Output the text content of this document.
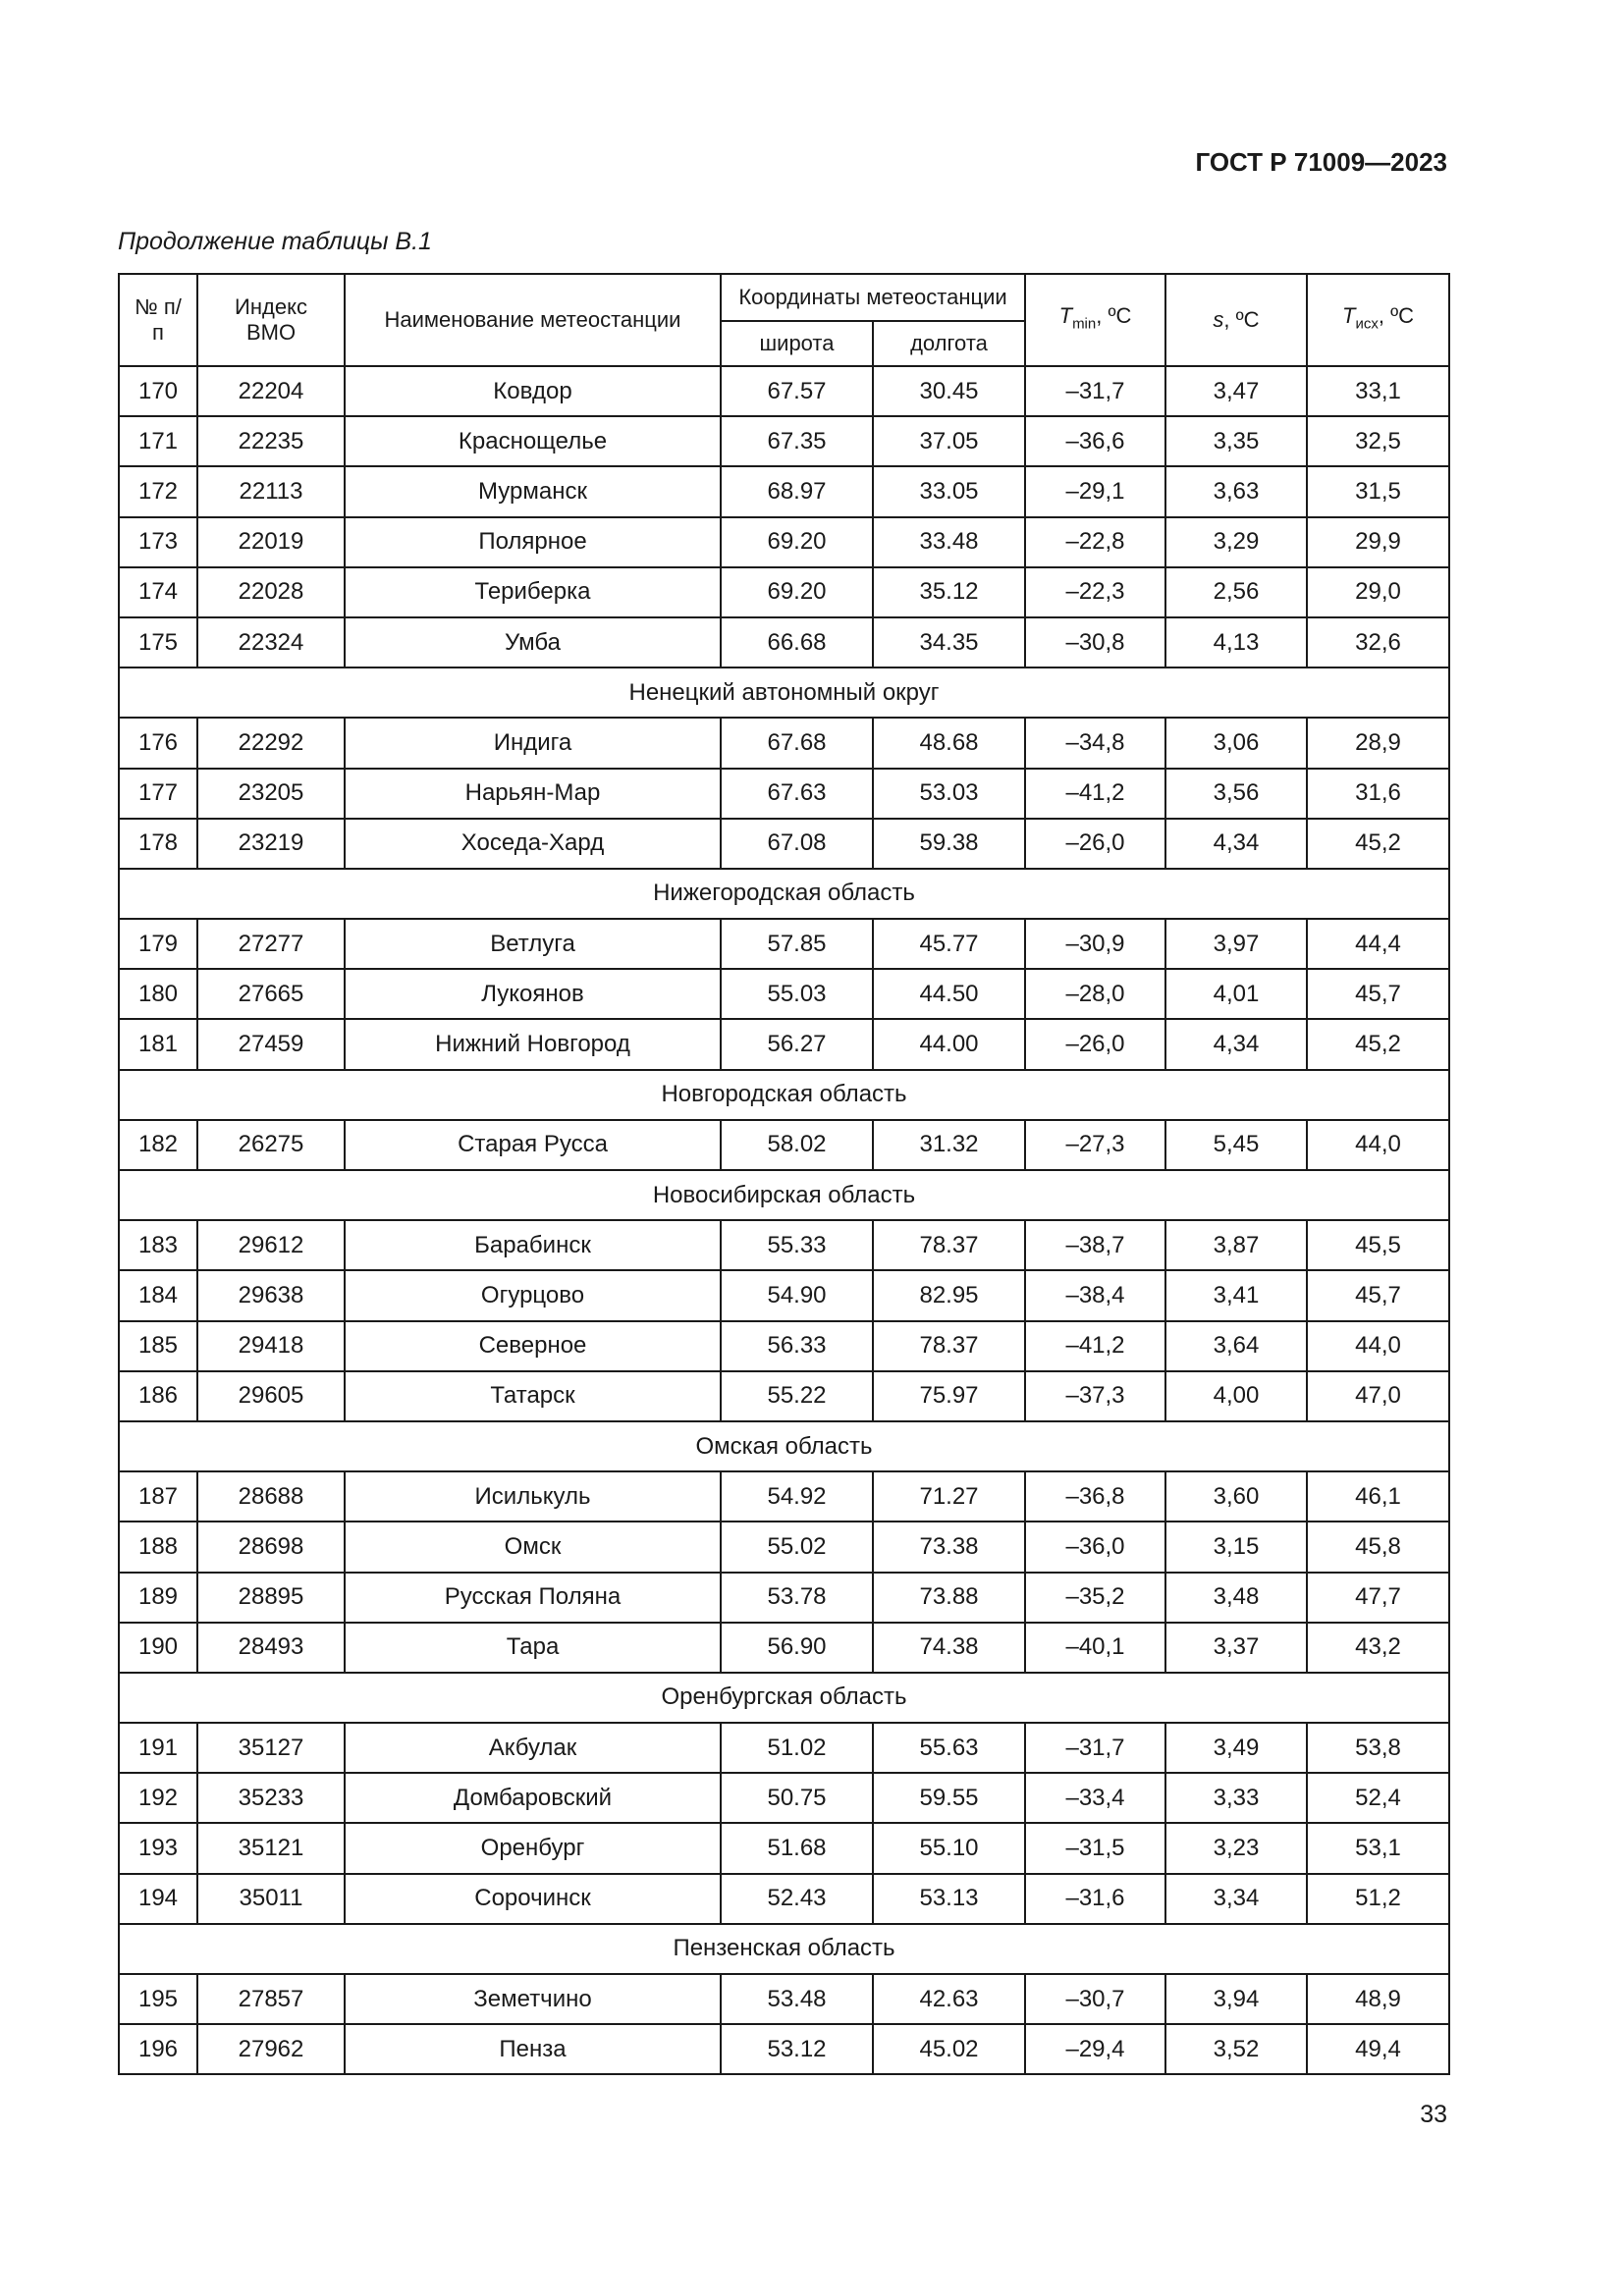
ГОСТ Р 71009—2023
Продолжение таблицы В.1
№ п/п	Индекс ВМО	Наименование метеостанции	Координаты метеостанции		$T_{min}$, ºC	s, ºC	$T_{исх}$, ºC
			широта	долгота			
170	22204	Ковдор	67.57	30.45	–31,7	3,47	33,1
171	22235	Краснощелье	67.35	37.05	–36,6	3,35	32,5
172	22113	Мурманск	68.97	33.05	–29,1	3,63	31,5
173	22019	Полярное	69.20	33.48	–22,8	3,29	29,9
174	22028	Териберка	69.20	35.12	–22,3	2,56	29,0
175	22324	Умба	66.68	34.35	–30,8	4,13	32,6
Ненецкий автономный округ							
176	22292	Индига	67.68	48.68	–34,8	3,06	28,9
177	23205	Нарьян-Мар	67.63	53.03	–41,2	3,56	31,6
178	23219	Хоседа-Хард	67.08	59.38	–26,0	4,34	45,2
Нижегородская область							
179	27277	Ветлуга	57.85	45.77	–30,9	3,97	44,4
180	27665	Лукоянов	55.03	44.50	–28,0	4,01	45,7
181	27459	Нижний Новгород	56.27	44.00	–26,0	4,34	45,2
Новгородская область							
182	26275	Старая Русса	58.02	31.32	–27,3	5,45	44,0
Новосибирская область							
183	29612	Барабинск	55.33	78.37	–38,7	3,87	45,5
184	29638	Огурцово	54.90	82.95	–38,4	3,41	45,7
185	29418	Северное	56.33	78.37	–41,2	3,64	44,0
186	29605	Татарск	55.22	75.97	–37,3	4,00	47,0
Омская область							
187	28688	Исилькуль	54.92	71.27	–36,8	3,60	46,1
188	28698	Омск	55.02	73.38	–36,0	3,15	45,8
189	28895	Русская Поляна	53.78	73.88	–35,2	3,48	47,7
190	28493	Тара	56.90	74.38	–40,1	3,37	43,2
Оренбургская область							
191	35127	Акбулак	51.02	55.63	–31,7	3,49	53,8
192	35233	Домбаровский	50.75	59.55	–33,4	3,33	52,4
193	35121	Оренбург	51.68	55.10	–31,5	3,23	53,1
194	35011	Сорочинск	52.43	53.13	–31,6	3,34	51,2
Пензенская область							
195	27857	Земетчино	53.48	42.63	–30,7	3,94	48,9
196	27962	Пенза	53.12	45.02	–29,4	3,52	49,4
33
